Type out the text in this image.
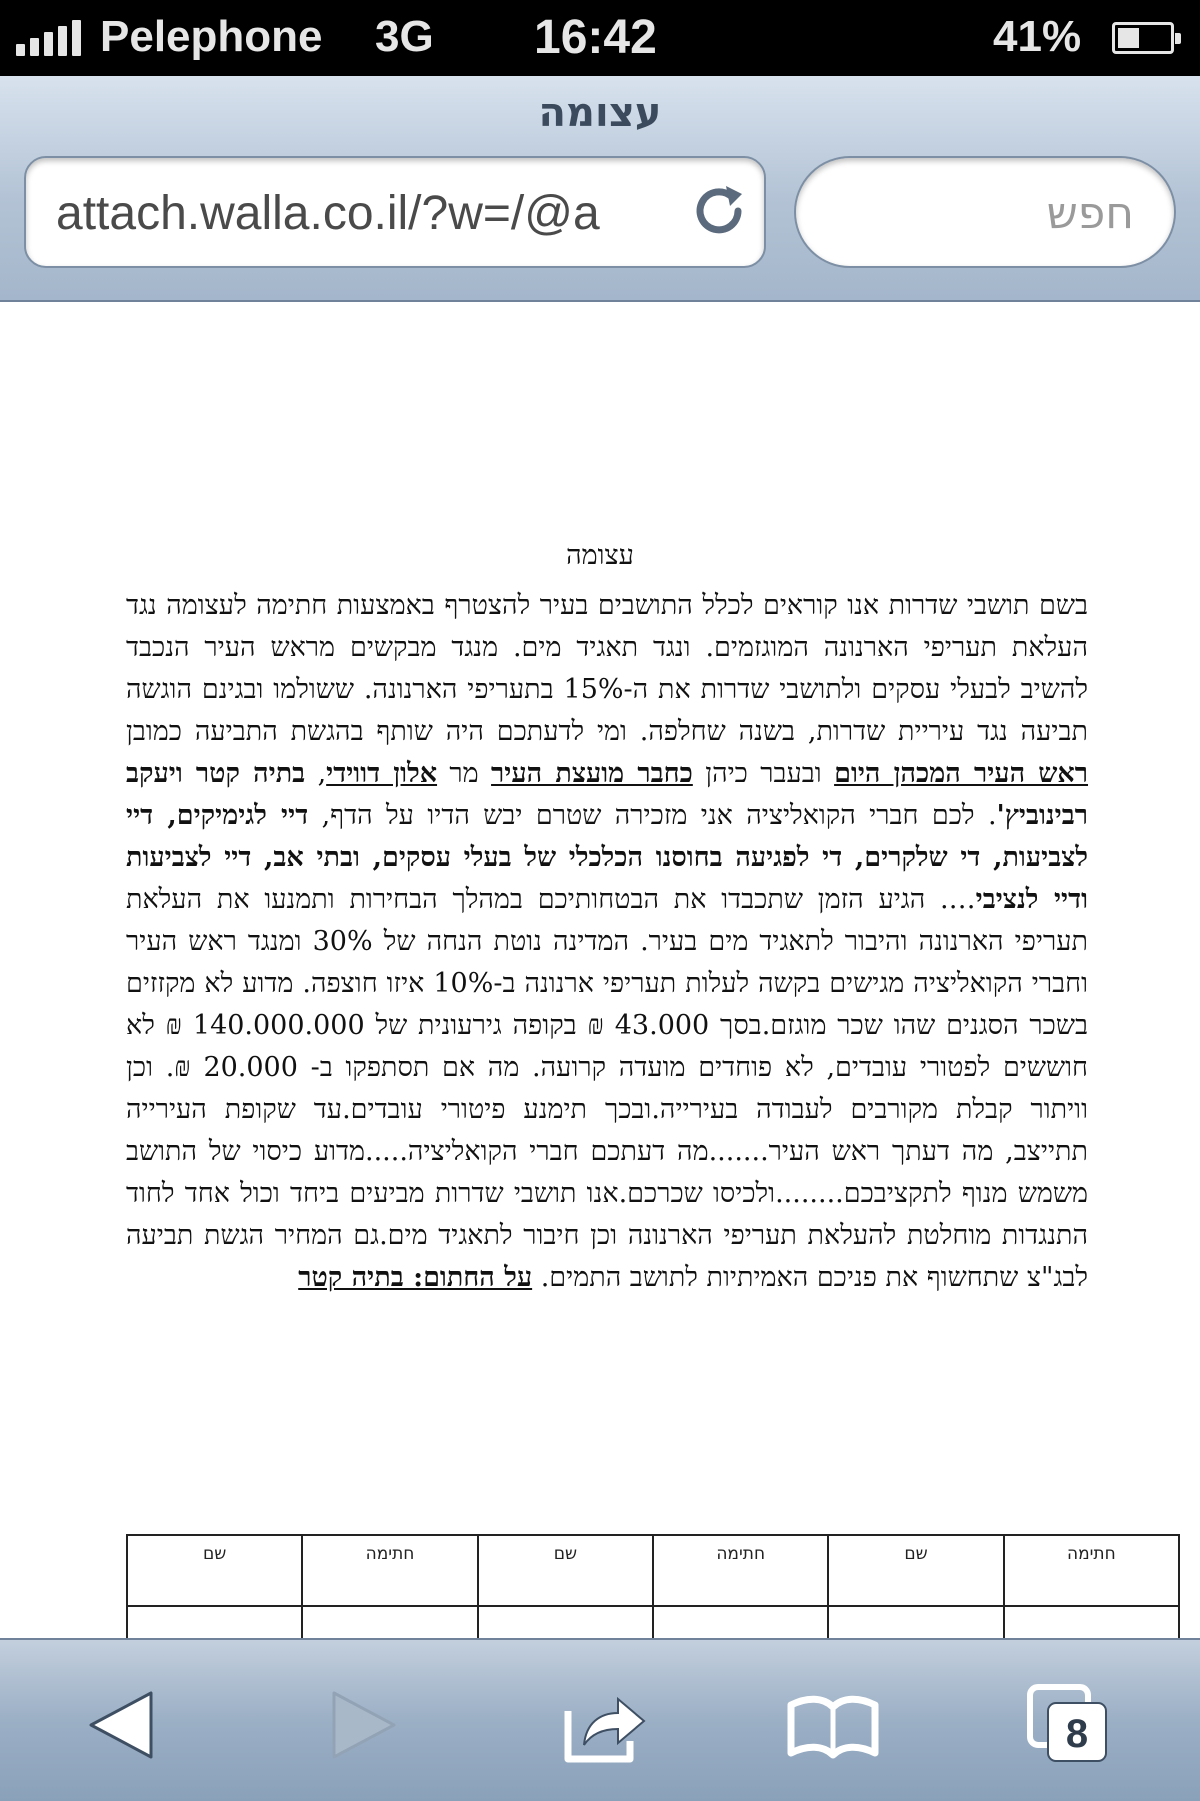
Pelephone 3G 16:42	41%
עצומה
attach.walla.co.il/?w=/@a	חפש
עצומה
בשם תושבי שדרות אנו קוראים לכלל התושבים בעיר להצטרף באמצעות חתימה לעצומה נגד העלאת תעריפי הארנונה המוגזמים. ונגד תאגיד מים. מנגד מבקשים מראש העיר הנכבד להשיב לבעלי עסקים ולתושבי שדרות את ה-15% בתעריפי הארנונה. ששולמו ובגינם הוגשה תביעה נגד עיריית שדרות, בשנה שחלפה. ומי לדעתכם היה שותף בהגשת התביעה כמובן ראש העיר המכהן היום ובעבר כיהן כחבר מועצת העיר מר אלון דווידי, בתיה קטר ויעקב רבינוביץ'. לכם חברי הקואליציה אני מזכירה שטרם יבש הדיו על הדף, דיי לגימיקים, דיי לצביעות, די שלקרים, די לפגיעה בחוסנו הכלכלי של בעלי עסקים, ובתי אב, דיי לצביעות ודיי לנציבי…. הגיע הזמן שתכבדו את הבטחותיכם במהלך הבחירות ותמנעו את העלאת תעריפי הארנונה והיבור לתאגיד מים בעיר. המדינה נוטת הנחה של 30% ומנגד ראש העיר וחברי הקואליציה מגישים בקשה לעלות תעריפי ארנונה ב-10% איזו חוצפה. מדוע לא מקזזים בשכר הסגנים שהו שכר מוגזם.בסך 43.000 ₪ בקופה גירעונית של 140.000.000 ₪ לא חוששים לפטורי עובדים, לא פוחדים מועדה קרועה. מה אם תסתפקו ב- 20.000 ₪. וכן וויתור קבלת מקורבים לעבודה בעירייה.ובכך תימנע פיטורי עובדים.עד שקופת העירייה תתייצב, מה דעתך ראש העיר.......מה דעתכם חברי הקואליציה.....מדוע כיסוי של התושב משמש מנוף לתקציבכם........ולכיסו שכרכם.אנו תושבי שדרות מביעים ביחד וכול אחד לחוד התנגדות מוחלטת להעלאת תעריפי הארנונה וכן חיבור לתאגיד מים.גם המחיר הגשת תביעה לבג"צ שתחשוף את פניכם האמיתיות לתושב התמים. על החתום: בתיה קטר
חתימה	שם	חתימה	שם	חתימה	שם

8
